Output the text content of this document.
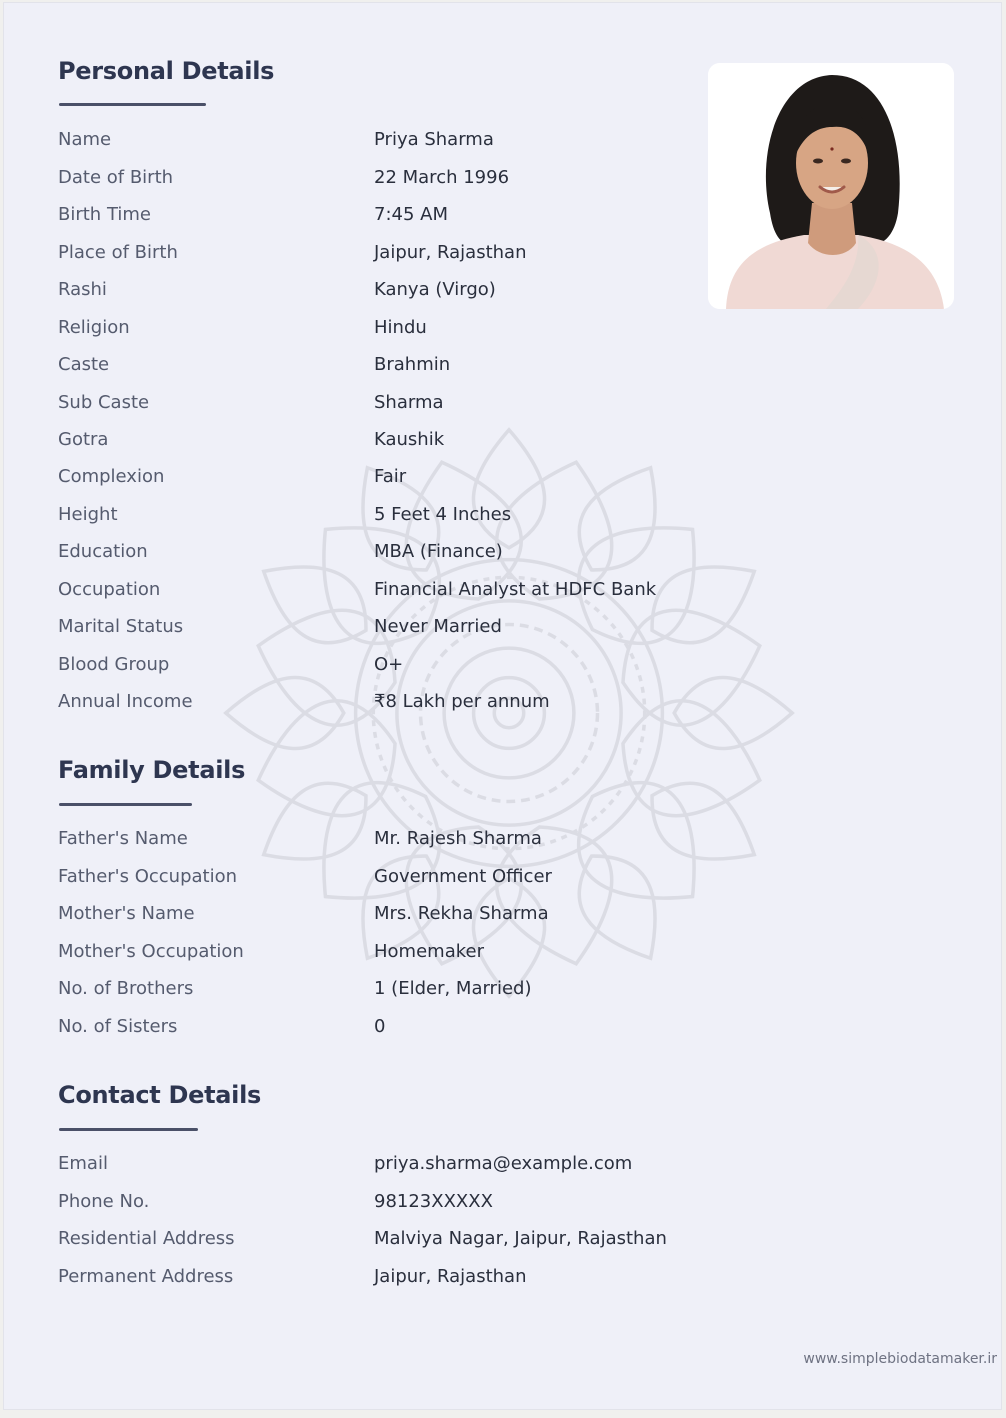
Personal Details
Name	Priya Sharma
Date of Birth	22 March 1996
Birth Time	7:45 AM
Place of Birth	Jaipur, Rajasthan
Rashi	Kanya (Virgo)
Religion	Hindu
Caste	Brahmin
Sub Caste	Sharma
Gotra	Kaushik
Complexion	Fair
Height	5 Feet 4 Inches
Education	MBA (Finance)
Occupation	Financial Analyst at HDFC Bank
Marital Status	Never Married
Blood Group	O+
Annual Income	₹8 Lakh per annum
Family Details
Father's Name	Mr. Rajesh Sharma
Father's Occupation	Government Officer
Mother's Name	Mrs. Rekha Sharma
Mother's Occupation	Homemaker
No. of Brothers	1 (Elder, Married)
No. of Sisters	0
Contact Details
Email	priya.sharma@example.com
Phone No.	98123XXXXX
Residential Address	Malviya Nagar, Jaipur, Rajasthan
Permanent Address	Jaipur, Rajasthan
www.simplebiodatamaker.ir
